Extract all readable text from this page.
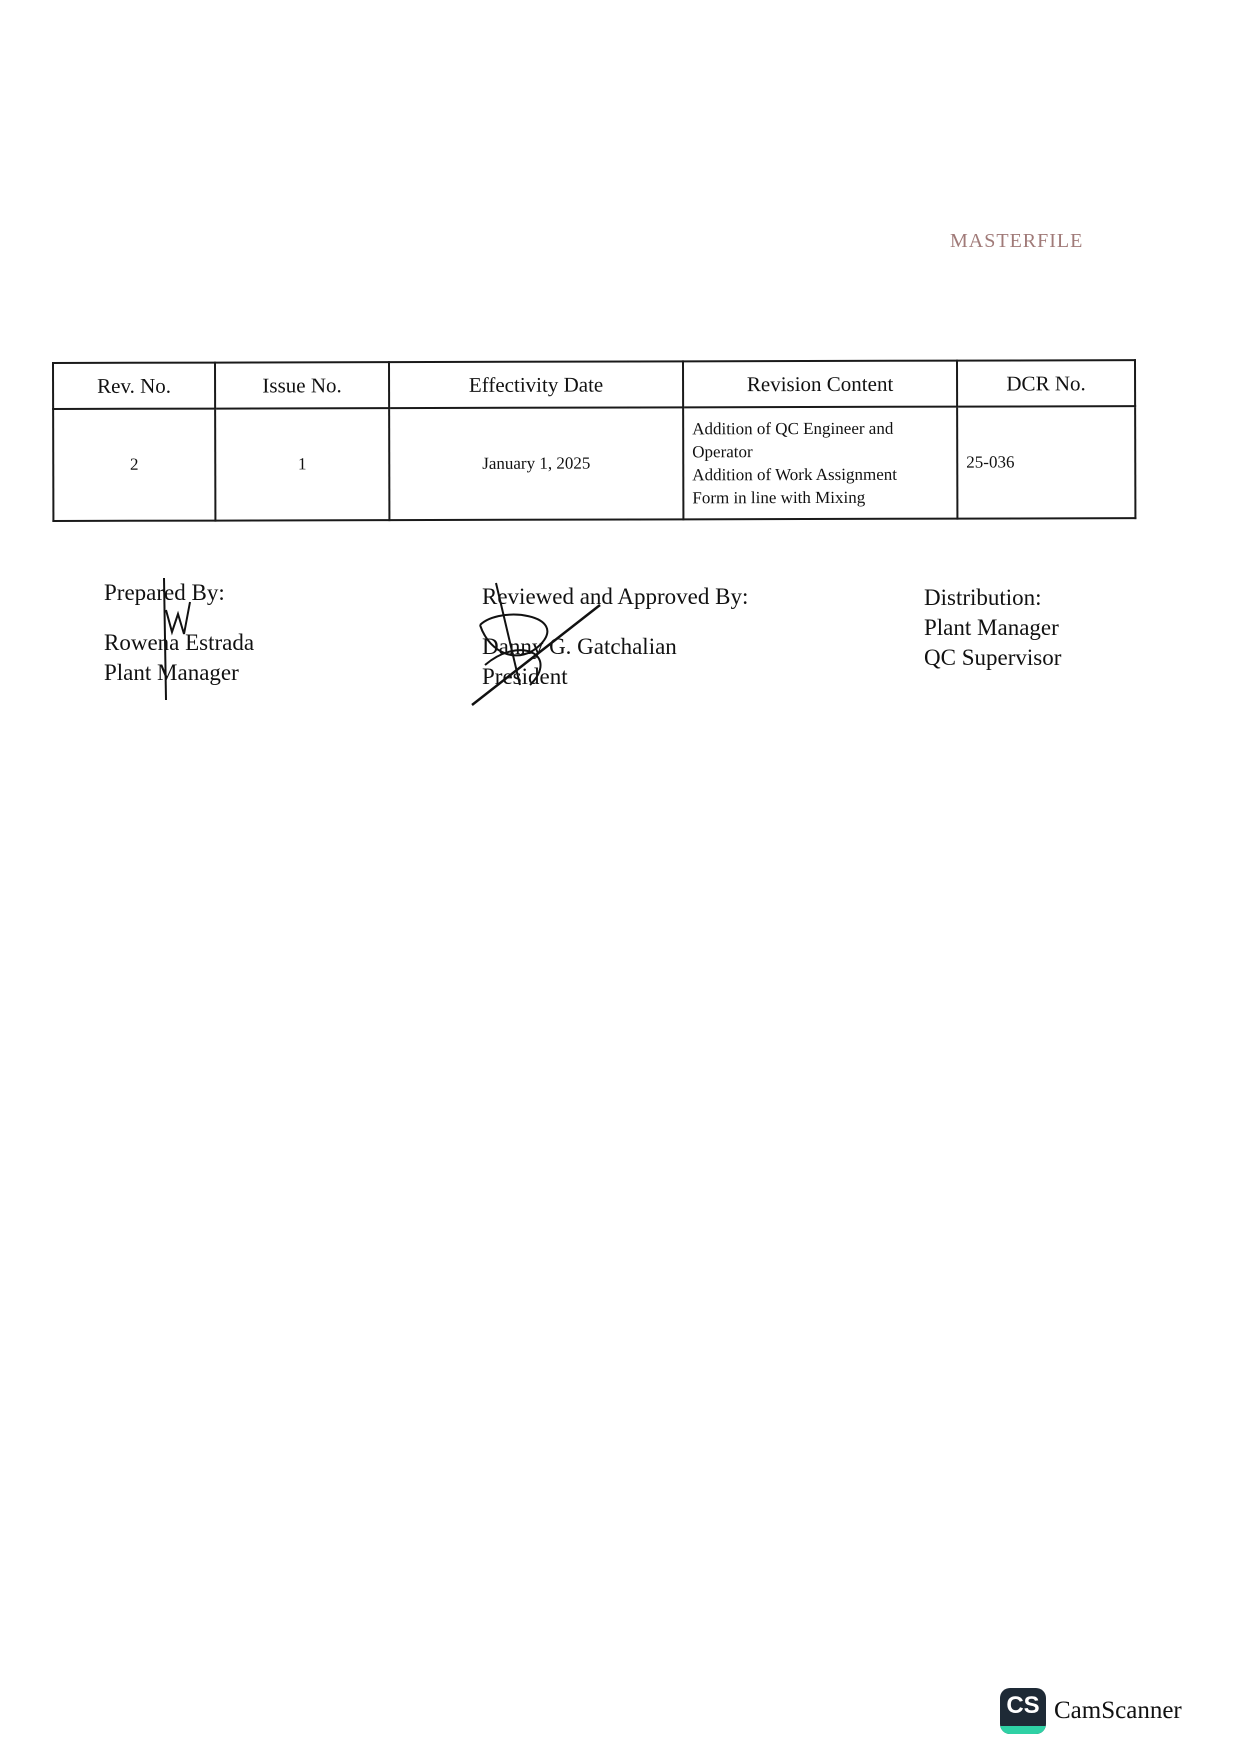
MASTERFILE
Rev. No.	Issue No.	Effectivity Date	Revision Content	DCR No.
2	1	January 1, 2025	Addition of QC Engineer and
Operator
Addition of Work Assignment
Form in line with Mixing	25-036
Prepared By:
Rowena Estrada
Plant Manager
Reviewed and Approved By:
Danny G. Gatchalian
President
Distribution:
Plant Manager
QC Supervisor
CS CamScanner
